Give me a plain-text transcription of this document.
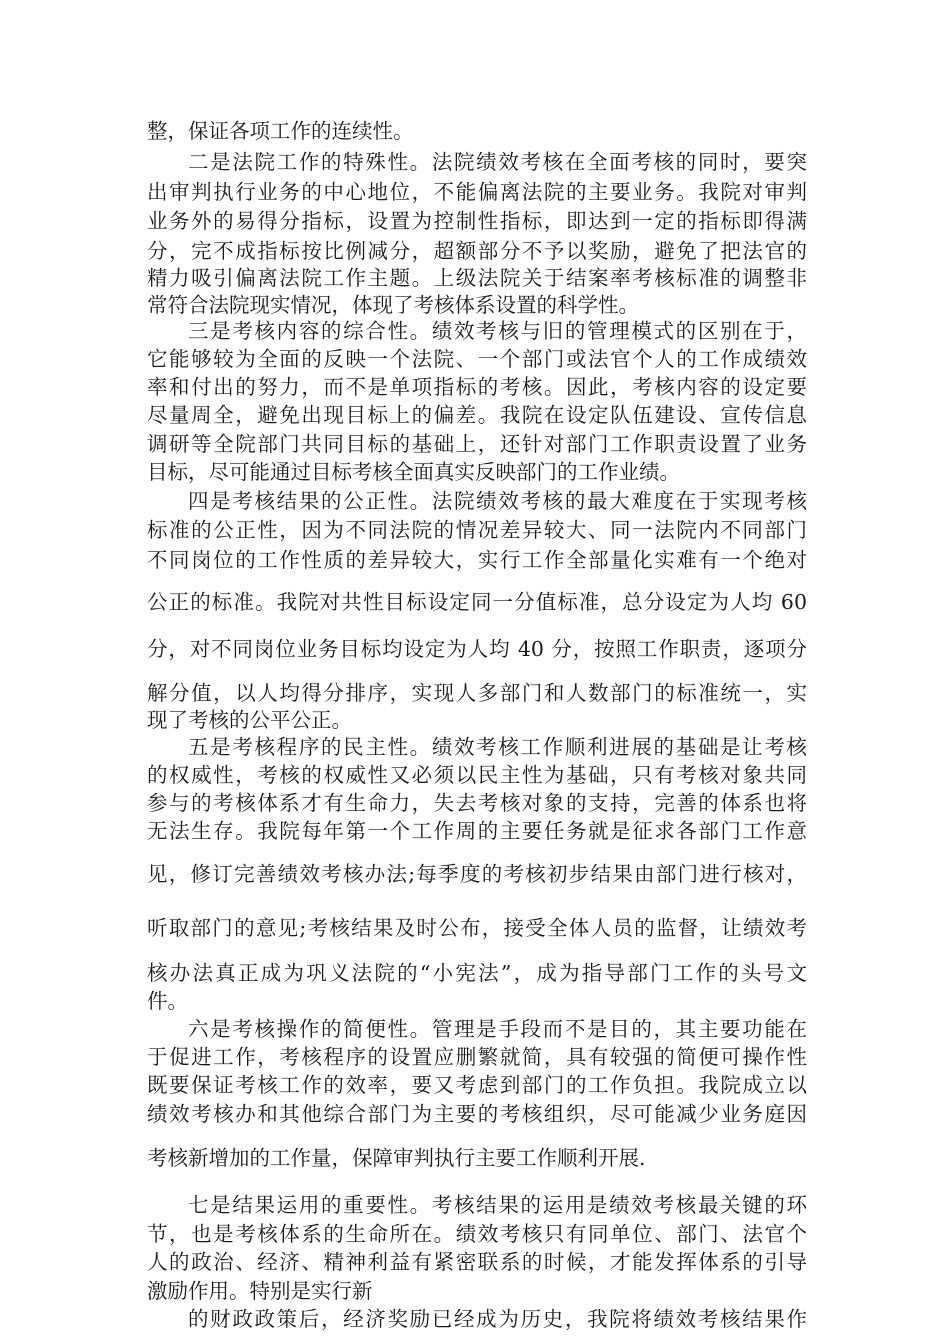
整，保证各项工作的连续性。
二是法院工作的特殊性。法院绩效考核在全面考核的同时，要突
出审判执行业务的中心地位，不能偏离法院的主要业务。我院对审判
业务外的易得分指标，设置为控制性指标，即达到一定的指标即得满
分，完不成指标按比例减分，超额部分不予以奖励，避免了把法官的
精力吸引偏离法院工作主题。上级法院关于结案率考核标准的调整非
常符合法院现实情况，体现了考核体系设置的科学性。
三是考核内容的综合性。绩效考核与旧的管理模式的区别在于，
它能够较为全面的反映一个法院、一个部门或法官个人的工作成绩效
率和付出的努力，而不是单项指标的考核。因此，考核内容的设定要
尽量周全，避免出现目标上的偏差。我院在设定队伍建设、宣传信息
调研等全院部门共同目标的基础上，还针对部门工作职责设置了业务
目标，尽可能通过目标考核全面真实反映部门的工作业绩。
四是考核结果的公正性。法院绩效考核的最大难度在于实现考核
标准的公正性，因为不同法院的情况差异较大、同一法院内不同部门
不同岗位的工作性质的差异较大，实行工作全部量化实难有一个绝对
公正的标准。我院对共性目标设定同一分值标准，总分设定为人均 60
分，对不同岗位业务目标均设定为人均 40 分，按照工作职责，逐项分
解分值，以人均得分排序，实现人多部门和人数部门的标准统一，实
现了考核的公平公正。
五是考核程序的民主性。绩效考核工作顺利进展的基础是让考核
的权威性，考核的权威性又必须以民主性为基础，只有考核对象共同
参与的考核体系才有生命力，失去考核对象的支持，完善的体系也将
无法生存。我院每年第一个工作周的主要任务就是征求各部门工作意
见，修订完善绩效考核办法;每季度的考核初步结果由部门进行核对，
听取部门的意见;考核结果及时公布，接受全体人员的监督，让绩效考
核办法真正成为巩义法院的“小宪法”，成为指导部门工作的头号文
件。
六是考核操作的简便性。管理是手段而不是目的，其主要功能在
于促进工作，考核程序的设置应删繁就简，具有较强的简便可操作性
既要保证考核工作的效率，要又考虑到部门的工作负担。我院成立以
绩效考核办和其他综合部门为主要的考核组织，尽可能减少业务庭因
考核新增加的工作量，保障审判执行主要工作顺利开展.
七是结果运用的重要性。考核结果的运用是绩效考核最关键的环
节，也是考核体系的生命所在。绩效考核只有同单位、部门、法官个
人的政治、经济、精神利益有紧密联系的时候，才能发挥体系的引导
激励作用。特别是实行新
的财政政策后，经济奖励已经成为历史，我院将绩效考核结果作
